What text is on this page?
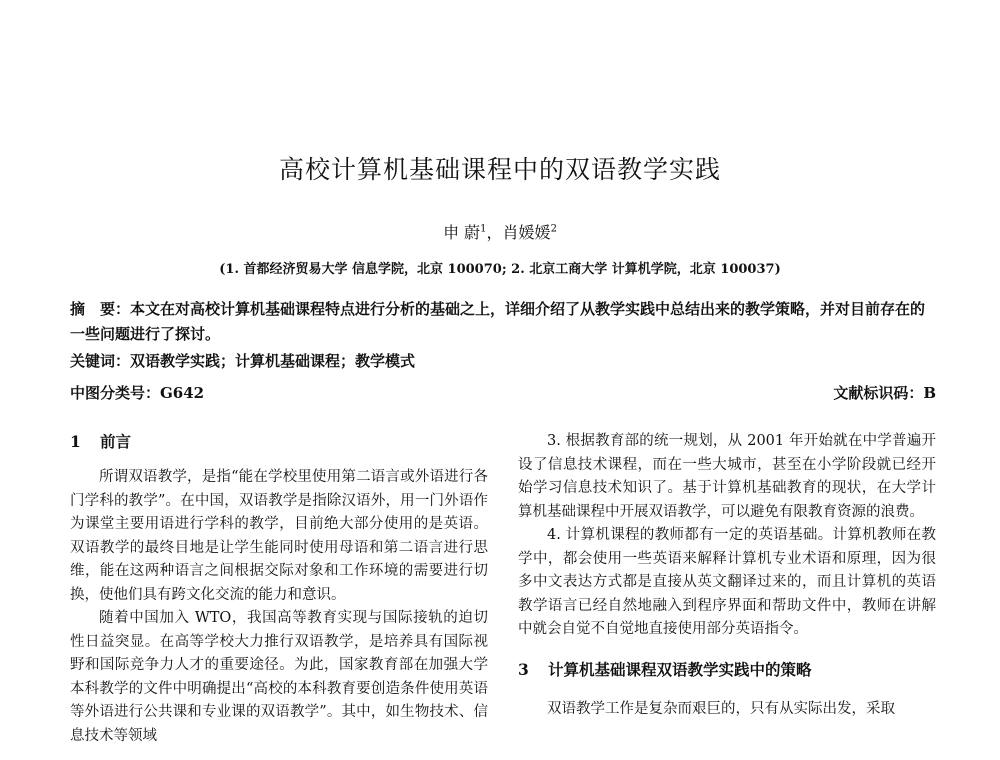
高校计算机基础课程中的双语教学实践
申 蔚$^1$，肖媛媛$^2$
(1. 首都经济贸易大学 信息学院，北京 100070; 2. 北京工商大学 计算机学院，北京 100037)
摘　要：本文在对高校计算机基础课程特点进行分析的基础之上，详细介绍了从教学实践中总结出来的教学策略，并对目前存在的一些问题进行了探讨。
关键词：双语教学实践；计算机基础课程；教学模式
中图分类号：G642	文献标识码：B
1 前言

所谓双语教学，是指“能在学校里使用第二语言或外语进行各门学科的教学”。在中国，双语教学是指除汉语外，用一门外语作为课堂主要用语进行学科的教学，目前绝大部分使用的是英语。双语教学的最终目地是让学生能同时使用母语和第二语言进行思维，能在这两种语言之间根据交际对象和工作环境的需要进行切换，使他们具有跨文化交流的能力和意识。

随着中国加入 WTO，我国高等教育实现与国际接轨的迫切性日益突显。在高等学校大力推行双语教学，是培养具有国际视野和国际竞争力人才的重要途径。为此，国家教育部在加强大学本科教学的文件中明确提出“高校的本科教育要创造条件使用英语等外语进行公共课和专业课的双语教学”。其中，如生物技术、信息技术等领域

3. 根据教育部的统一规划，从 2001 年开始就在中学普遍开设了信息技术课程，而在一些大城市，甚至在小学阶段就已经开始学习信息技术知识了。基于计算机基础教育的现状，在大学计算机基础课程中开展双语教学，可以避免有限教育资源的浪费。

4. 计算机课程的教师都有一定的英语基础。计算机教师在教学中，都会使用一些英语来解释计算机专业术语和原理，因为很多中文表达方式都是直接从英文翻译过来的，而且计算机的英语教学语言已经自然地融入到程序界面和帮助文件中，教师在讲解中就会自觉不自觉地直接使用部分英语指令。

3 计算机基础课程双语教学实践中的策略

双语教学工作是复杂而艰巨的，只有从实际出发，采取
